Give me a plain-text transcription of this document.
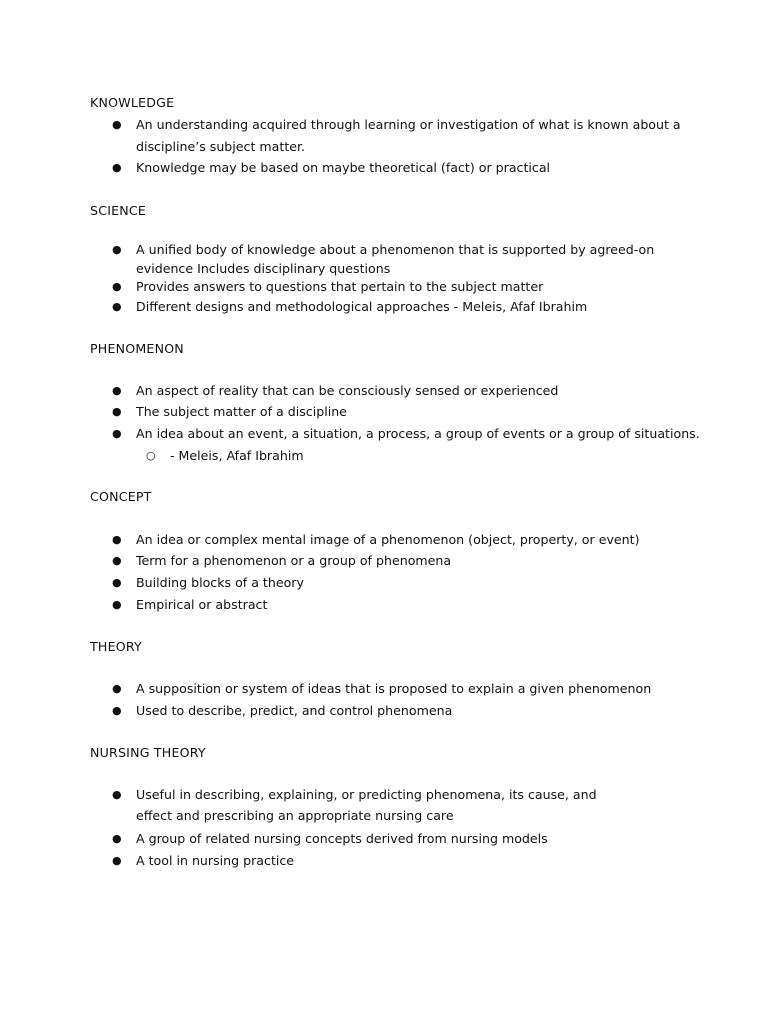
KNOWLEDGE
●	An understanding acquired through learning or investigation of what is known about a
discipline’s subject matter.
●	Knowledge may be based on maybe theoretical (fact) or practical
SCIENCE
●	A unified body of knowledge about a phenomenon that is supported by agreed-on
evidence Includes disciplinary questions
●	Provides answers to questions that pertain to the subject matter
●	Different designs and methodological approaches - Meleis, Afaf Ibrahim
PHENOMENON
●	An aspect of reality that can be consciously sensed or experienced
●	The subject matter of a discipline
●	An idea about an event, a situation, a process, a group of events or a group of situations.
○	- Meleis, Afaf Ibrahim
CONCEPT
●	An idea or complex mental image of a phenomenon (object, property, or event)
●	Term for a phenomenon or a group of phenomena
●	Building blocks of a theory
●	Empirical or abstract
THEORY
●	A supposition or system of ideas that is proposed to explain a given phenomenon
●	Used to describe, predict, and control phenomena
NURSING THEORY
●	Useful in describing, explaining, or predicting phenomena, its cause, and
effect and prescribing an appropriate nursing care
●	A group of related nursing concepts derived from nursing models
●	A tool in nursing practice
